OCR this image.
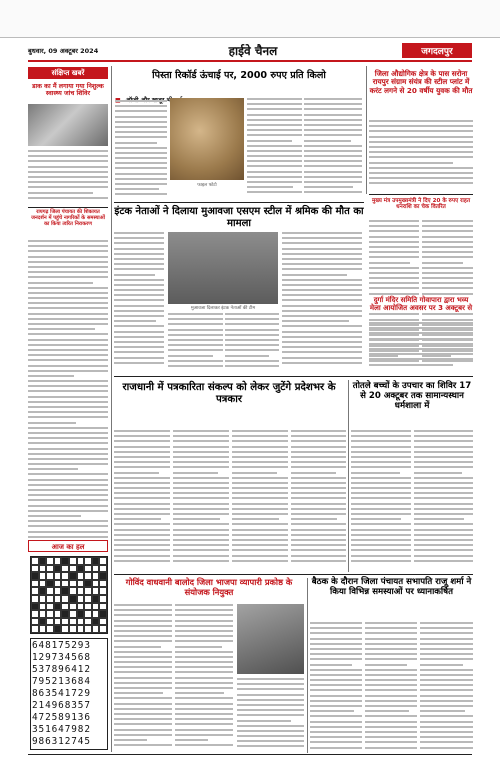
बुधवार, 09 अक्टूबर 2024	हाईवे चैनल	जगदलपुर
संक्षिप्त खबरें
डाक का मैं लगाया गया निशुल्क स्वास्थ्य जांच शिविर
रायगढ़ जिला पंचायत की शिकायत जनदर्शन में पहुंचे नागरिकों के समस्याओं का किया त्वरित निराकरण
आज का हल
648175293 129734568 537896412 795213684 863541729 214968357 472589136 351647982 986312745
पिस्ता रिकॉर्ड ऊंचाई पर, 2000 रुपए प्रति किलो
फाइल फोटो
जिला औद्योगिक क्षेत्र के पास सरोना रायपुर संग्राम संयंत्र की स्टील प्लांट में करंट लगने से 20 वर्षीय युवक की मौत
इंटक नेताओं ने दिलाया मुआवजा एसएम स्टील में श्रमिक की मौत का मामला
मुआवजा दिलाकर इंटक नेताओं की टीम
मुख्य मंत्र उपमुख्यमंत्री ने दिए 20 के रुपए राहत धनराशि का चेक वितरित
दुर्गा मंदिर समिति गोवापारा द्वारा भव्य मेला आयोजित अवसर पर 3 अक्टूबर से
राजधानी में पत्रकारिता संकल्प को लेकर जुटेंगे प्रदेशभर के पत्रकार
तोतले बच्चों के उपचार का शिविर 17 से 20 अक्टूबर तक सामान्यस्थान धर्मशाला में
गोविंद वाधवानी बालोद जिला भाजपा व्यापारी प्रकोष्ठ के संयोजक नियुक्त
बैठक के दौरान जिला पंचायत सभापति राजू शर्मा ने किया विभिन्न समस्याओं पर ध्यानाकर्षित
